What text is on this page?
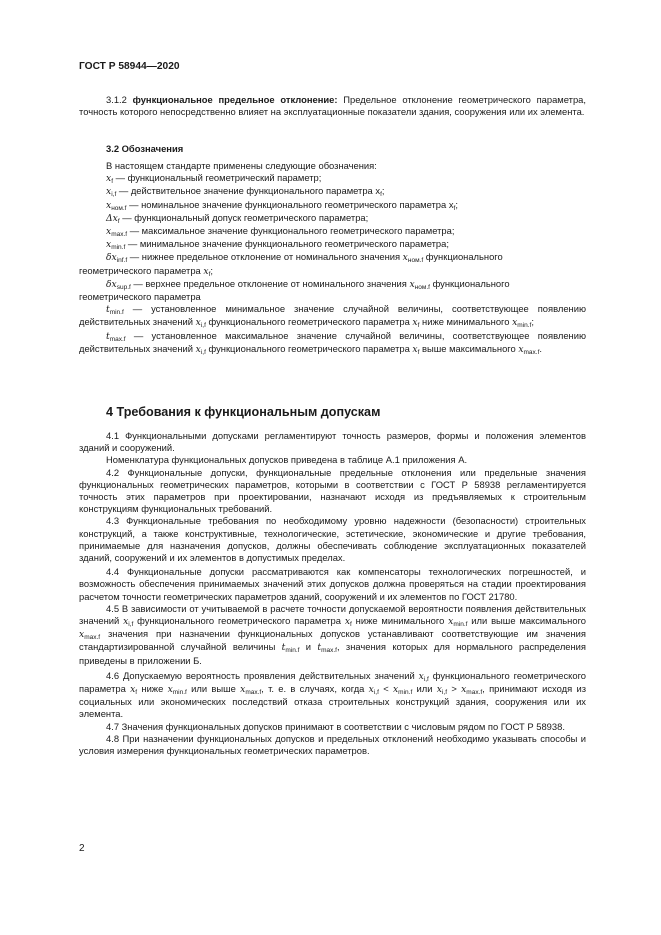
ГОСТ Р 58944—2020
3.1.2 функциональное предельное отклонение: Предельное отклонение геометрического параметра, точность которого непосредственно влияет на эксплуатационные показатели здания, сооружения или их элемента.

3.2 Обозначения

В настоящем стандарте применены следующие обозначения:

$x_f$ — функциональный геометрический параметр;

$x_{i,f}$ — действительное значение функционального параметра $x_f$;

$x_{ном.f}$ — номинальное значение функционального геометрического параметра $x_f$;

$\Delta x_f$ — функциональный допуск геометрического параметра;

$x_{max.f}$ — максимальное значение функционального геометрического параметра;

$x_{min.f}$ — минимальное значение функционального геометрического параметра;

$\delta x_{inf.f}$ — нижнее предельное отклонение от номинального значения $x_{ном.f}$ функционального

геометрического параметра $x_f$;

$\delta x_{sup.f}$ — верхнее предельное отклонение от номинального значения $x_{ном.f}$ функционального

геометрического параметра

$t_{min.f}$ — установленное минимальное значение случайной величины, соответствующее появлению действительных значений $x_{i,f}$ функционального геометрического параметра $x_f$ ниже минимального $x_{min.f}$;

$t_{max.f}$ — установленное максимальное значение случайной величины, соответствующее появлению действительных значений $x_{i,f}$ функционального геометрического параметра $x_f$ выше максимального $x_{max.f}$.

4 Требования к функциональным допускам

4.1 Функциональными допусками регламентируют точность размеров, формы и положения элементов зданий и сооружений.

Номенклатура функциональных допусков приведена в таблице А.1 приложения А.

4.2 Функциональные допуски, функциональные предельные отклонения или предельные значения функциональных геометрических параметров, которыми в соответствии с ГОСТ Р 58938 регламентируется точность этих параметров при проектировании, назначают исходя из предъявляемых к строительным конструкциям функциональных требований.

4.3 Функциональные требования по необходимому уровню надежности (безопасности) строительных конструкций, а также конструктивные, технологические, эстетические, экономические и другие требования, принимаемые для назначения допусков, должны обеспечивать соблюдение эксплуатационных показателей зданий, сооружений и их элементов в допустимых пределах.

4.4 Функциональные допуски рассматриваются как компенсаторы технологических погрешностей, и возможность обеспечения принимаемых значений этих допусков должна проверяться на стадии проектирования расчетом точности геометрических параметров зданий, сооружений и их элементов по ГОСТ 21780.

4.5 В зависимости от учитываемой в расчете точности допускаемой вероятности появления действительных значений $x_{i,f}$ функционального геометрического параметра $x_f$ ниже минимального $x_{min.f}$ или выше максимального $x_{max.f}$ значения при назначении функциональных допусков устанавливают соответствующие им значения стандартизированной случайной величины $t_{min.f}$ и $t_{max.f}$, значения которых для нормального распределения приведены в приложении Б.

4.6 Допускаемую вероятность проявления действительных значений $x_{i,f}$ функционального геометрического параметра $x_f$ ниже $x_{min.f}$ или выше $x_{max.f}$, т. е. в случаях, когда $x_{i,f} < x_{min.f}$ или $x_{i,f} > x_{max.f}$, принимают исходя из социальных или экономических последствий отказа строительных конструкций здания, сооружения или их элемента.

4.7 Значения функциональных допусков принимают в соответствии с числовым рядом по ГОСТ Р 58938.

4.8 При назначении функциональных допусков и предельных отклонений необходимо указывать способы и условия измерения функциональных геометрических параметров.

2
